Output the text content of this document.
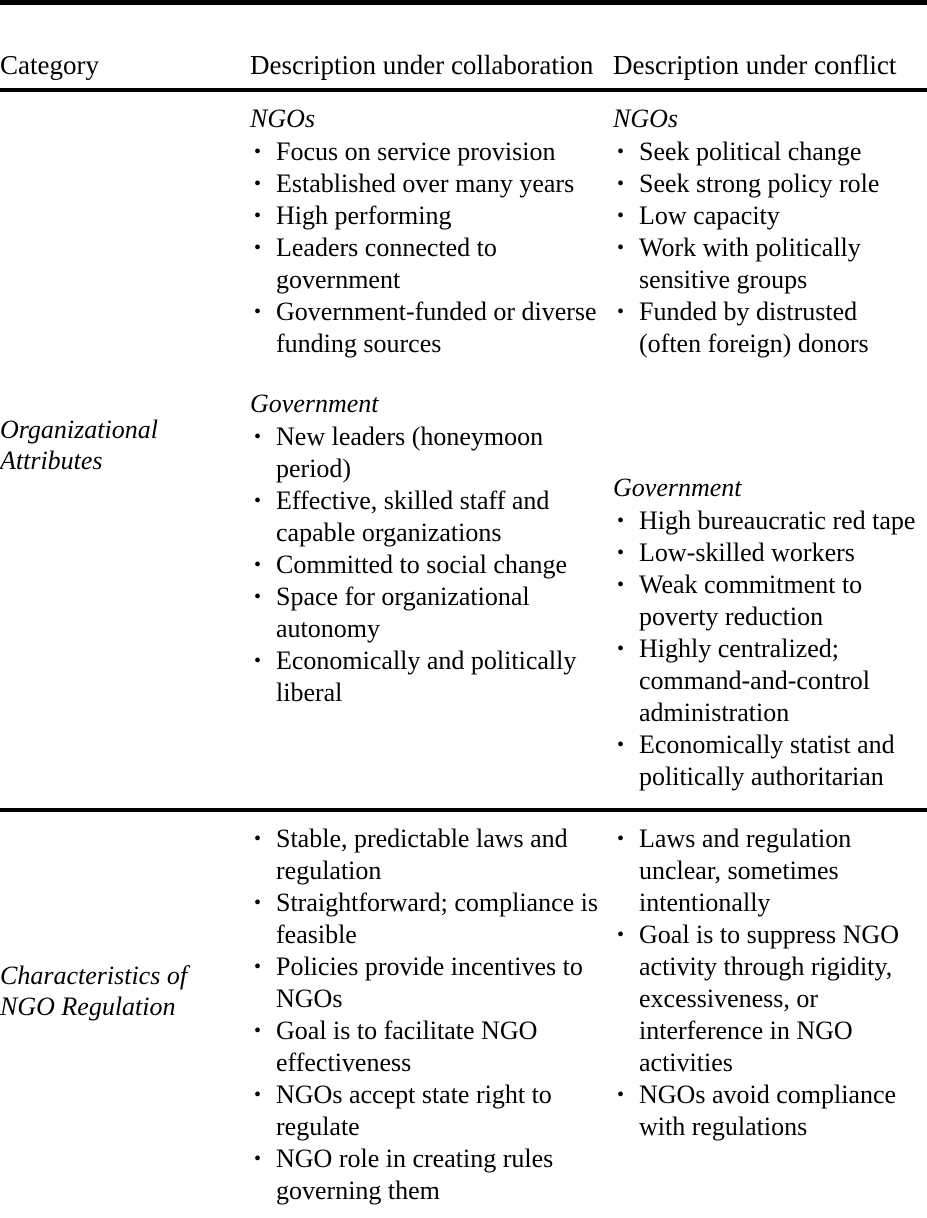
Category	Description under collaboration Description under conflict
Organizational Attributes
NGOs
• Focus on service provision
• Established over many years
• High performing
• Leaders connected to government
• Government-funded or diverse funding sources
Government
• New leaders (honeymoon period)
• Effective, skilled staff and capable organizations
• Committed to social change
• Space for organizational autonomy
• Economically and politically liberal
NGOs
• Seek political change
• Seek strong policy role
• Low capacity
• Work with politically sensitive groups
• Funded by distrusted (often foreign) donors
Government
• High bureaucratic red tape
• Low-skilled workers
• Weak commitment to poverty reduction
• Highly centralized; command-and-control administration
• Economically statist and politically authoritarian
Characteristics of NGO Regulation
• Stable, predictable laws and regulation
• Straightforward; compliance is feasible
• Policies provide incentives to NGOs
• Goal is to facilitate NGO effectiveness
• NGOs accept state right to regulate
• NGO role in creating rules governing them
• Laws and regulation unclear, sometimes intentionally
• Goal is to suppress NGO activity through rigidity, excessiveness, or interference in NGO activities
• NGOs avoid compliance with regulations
